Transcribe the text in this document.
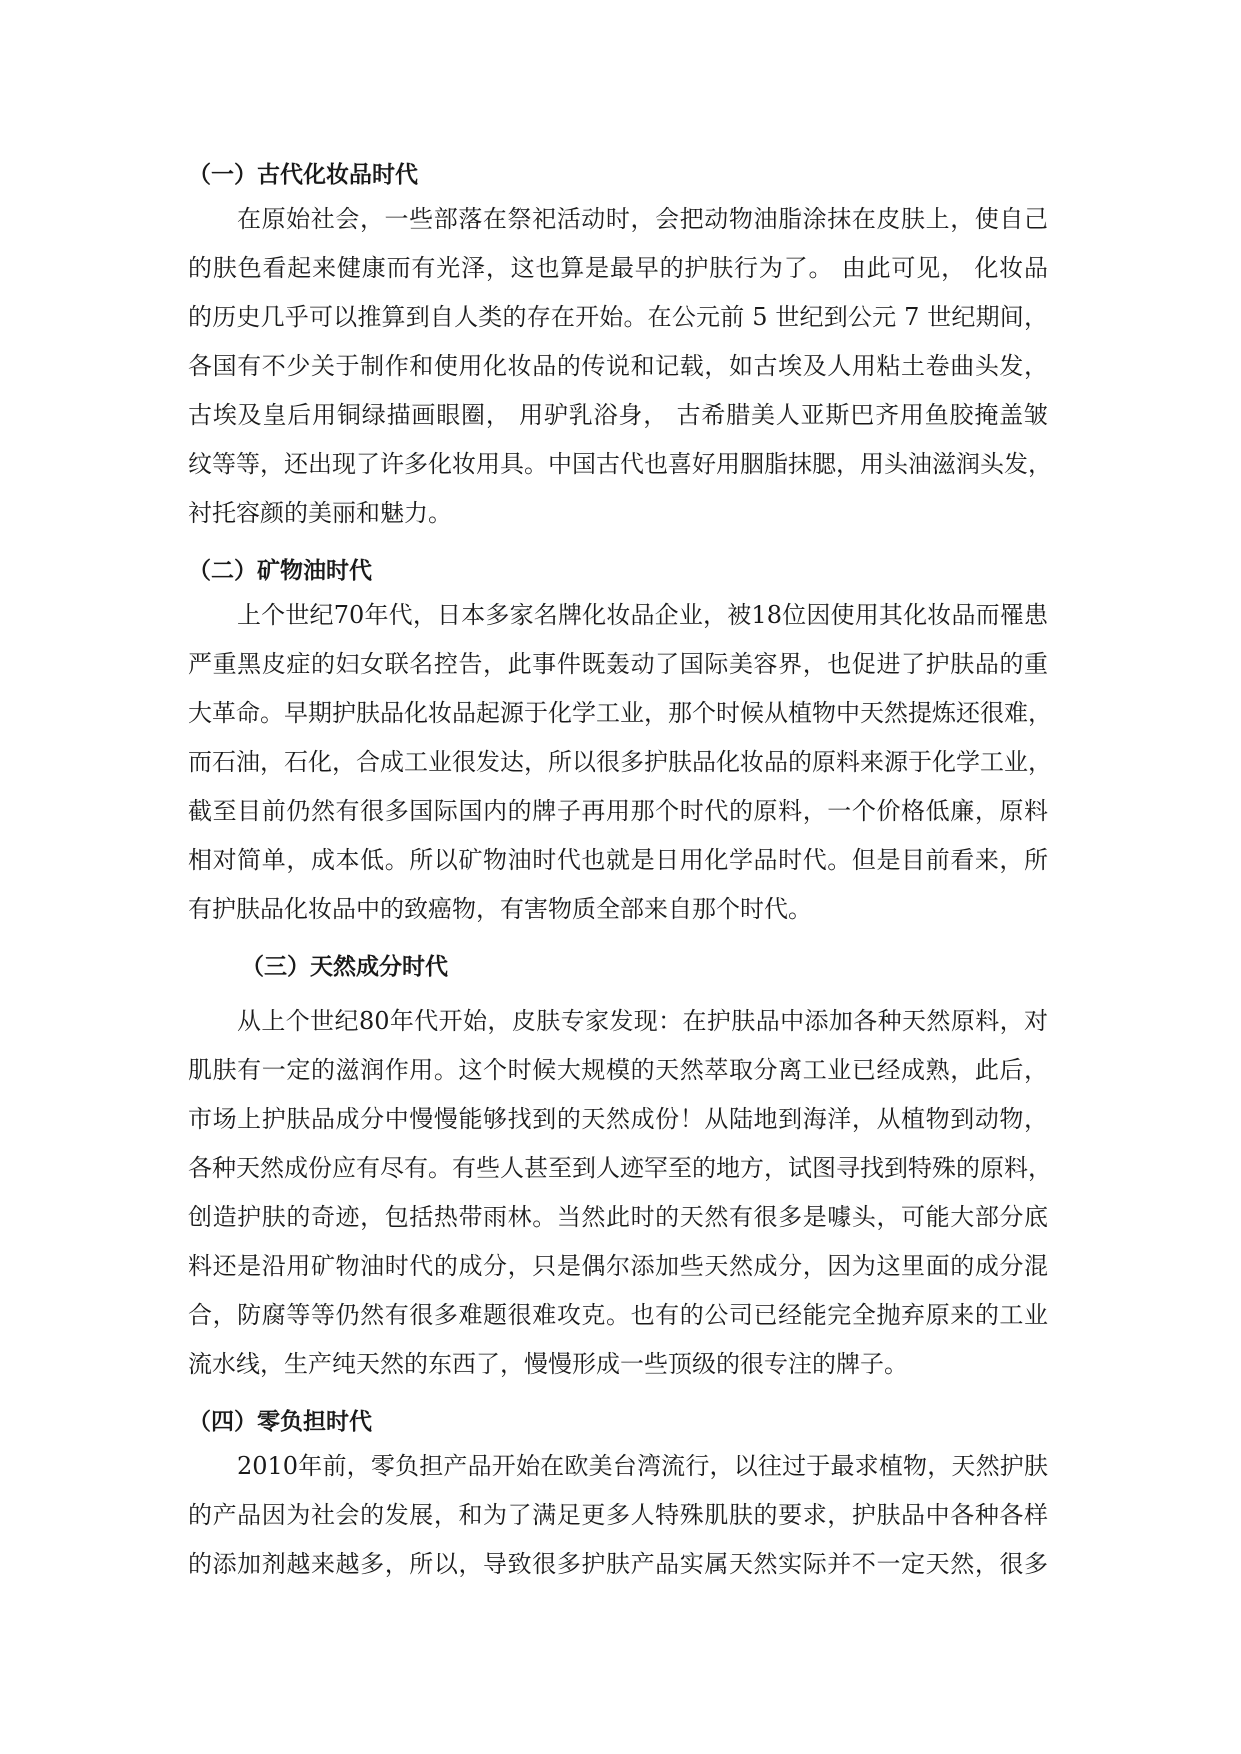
（一）古代化妆品时代
在原始社会，一些部落在祭祀活动时，会把动物油脂涂抹在皮肤上，使自己
的肤色看起来健康而有光泽，这也算是最早的护肤行为了。 由此可见， 化妆品
的历史几乎可以推算到自人类的存在开始。在公元前 5 世纪到公元 7 世纪期间，
各国有不少关于制作和使用化妆品的传说和记载，如古埃及人用粘土卷曲头发，
古埃及皇后用铜绿描画眼圈， 用驴乳浴身， 古希腊美人亚斯巴齐用鱼胶掩盖皱
纹等等，还出现了许多化妆用具。中国古代也喜好用胭脂抹腮，用头油滋润头发，
衬托容颜的美丽和魅力。
（二）矿物油时代
上个世纪70年代，日本多家名牌化妆品企业，被18位因使用其化妆品而罹患
严重黑皮症的妇女联名控告，此事件既轰动了国际美容界，也促进了护肤品的重
大革命。早期护肤品化妆品起源于化学工业，那个时候从植物中天然提炼还很难，
而石油，石化，合成工业很发达，所以很多护肤品化妆品的原料来源于化学工业，
截至目前仍然有很多国际国内的牌子再用那个时代的原料，一个价格低廉，原料
相对简单，成本低。所以矿物油时代也就是日用化学品时代。但是目前看来，所
有护肤品化妆品中的致癌物，有害物质全部来自那个时代。
（三）天然成分时代
从上个世纪80年代开始，皮肤专家发现：在护肤品中添加各种天然原料，对
肌肤有一定的滋润作用。这个时候大规模的天然萃取分离工业已经成熟，此后，
市场上护肤品成分中慢慢能够找到的天然成份！从陆地到海洋，从植物到动物，
各种天然成份应有尽有。有些人甚至到人迹罕至的地方，试图寻找到特殊的原料，
创造护肤的奇迹，包括热带雨林。当然此时的天然有很多是噱头，可能大部分底
料还是沿用矿物油时代的成分，只是偶尔添加些天然成分，因为这里面的成分混
合，防腐等等仍然有很多难题很难攻克。也有的公司已经能完全抛弃原来的工业
流水线，生产纯天然的东西了，慢慢形成一些顶级的很专注的牌子。
（四）零负担时代
2010年前，零负担产品开始在欧美台湾流行，以往过于最求植物，天然护肤
的产品因为社会的发展，和为了满足更多人特殊肌肤的要求，护肤品中各种各样
的添加剂越来越多，所以，导致很多护肤产品实属天然实际并不一定天然，很多
